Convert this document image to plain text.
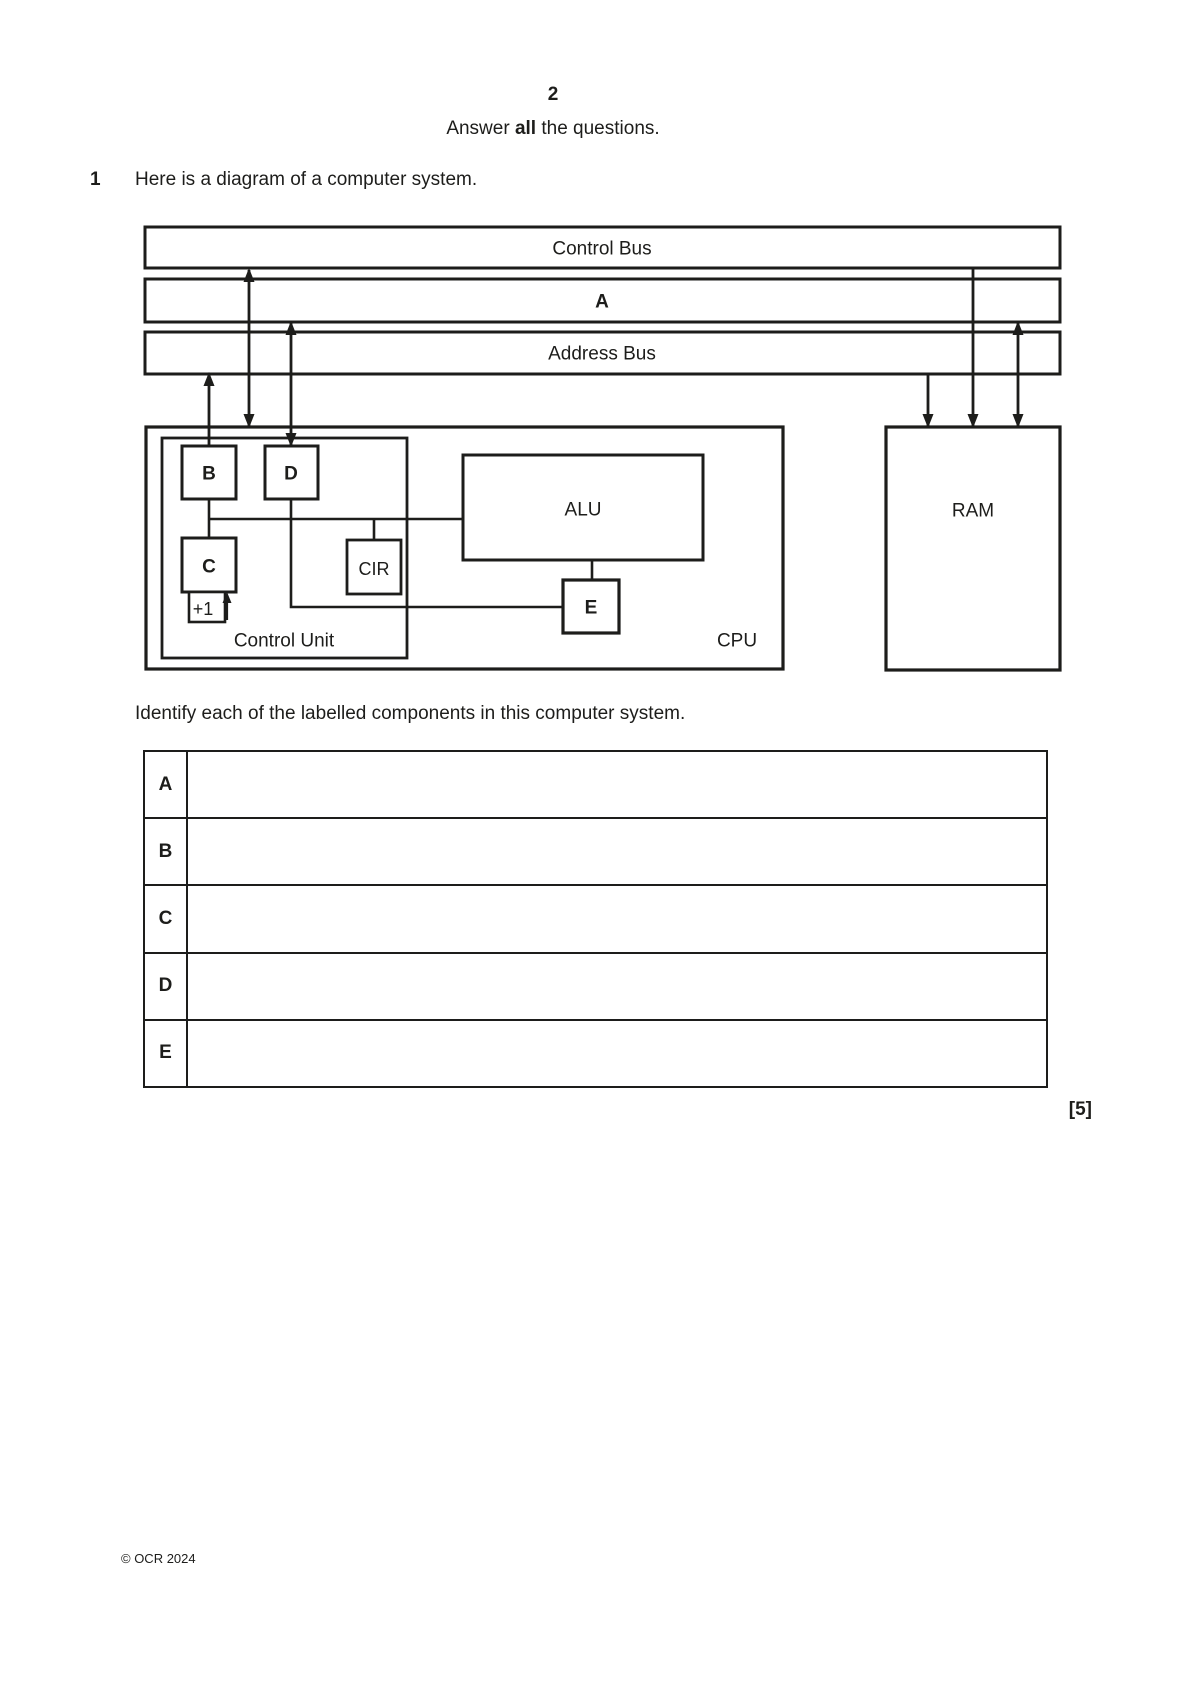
2
Answer all the questions.
1 Here is a diagram of a computer system.
Control Bus
A
Address Bus
B	D
C
+1
CIR
ALU
E
RAM
Control Unit	CPU
Identify each of the labelled components in this computer system.
A
B
C
D
E
[5]
© OCR 2024
